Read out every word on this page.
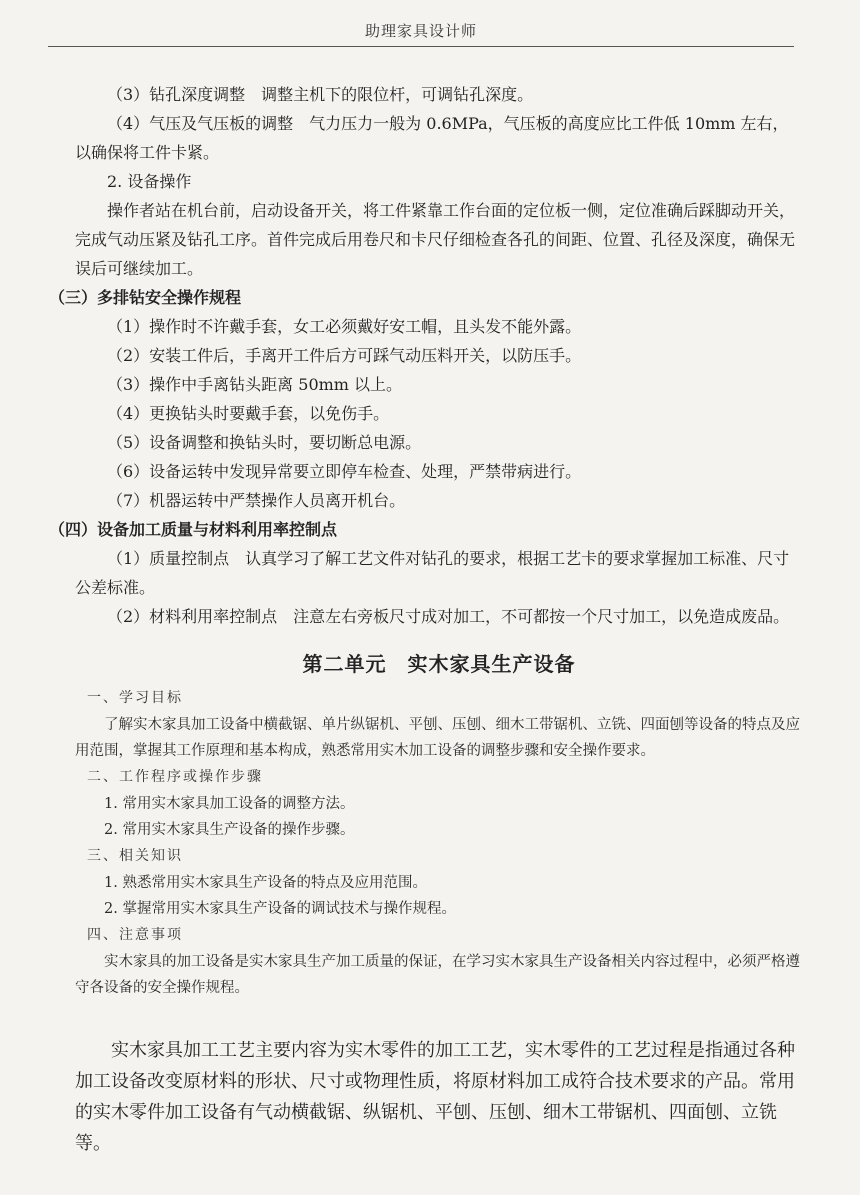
助理家具设计师

（3）钻孔深度调整　调整主机下的限位杆，可调钻孔深度。

（4）气压及气压板的调整　气力压力一般为 0.6MPa，气压板的高度应比工件低 10mm 左右，以确保将工件卡紧。

2. 设备操作

操作者站在机台前，启动设备开关，将工件紧靠工作台面的定位板一侧，定位准确后踩脚动开关，完成气动压紧及钻孔工序。首件完成后用卷尺和卡尺仔细检查各孔的间距、位置、孔径及深度，确保无误后可继续加工。

（三）多排钻安全操作规程

（1）操作时不许戴手套，女工必须戴好安工帽，且头发不能外露。

（2）安装工件后，手离开工件后方可踩气动压料开关，以防压手。

（3）操作中手离钻头距离 50mm 以上。

（4）更换钻头时要戴手套，以免伤手。

（5）设备调整和换钻头时，要切断总电源。

（6）设备运转中发现异常要立即停车检查、处理，严禁带病进行。

（7）机器运转中严禁操作人员离开机台。

（四）设备加工质量与材料利用率控制点

（1）质量控制点　认真学习了解工艺文件对钻孔的要求，根据工艺卡的要求掌握加工标准、尺寸公差标准。

（2）材料利用率控制点　注意左右旁板尺寸成对加工，不可都按一个尺寸加工，以免造成废品。

第二单元　实木家具生产设备

一、学习目标

了解实木家具加工设备中横截锯、单片纵锯机、平刨、压刨、细木工带锯机、立铣、四面刨等设备的特点及应用范围，掌握其工作原理和基本构成，熟悉常用实木加工设备的调整步骤和安全操作要求。

二、工作程序或操作步骤

1. 常用实木家具加工设备的调整方法。

2. 常用实木家具生产设备的操作步骤。

三、相关知识

1. 熟悉常用实木家具生产设备的特点及应用范围。

2. 掌握常用实木家具生产设备的调试技术与操作规程。

四、注意事项

实木家具的加工设备是实木家具生产加工质量的保证，在学习实木家具生产设备相关内容过程中，必须严格遵守各设备的安全操作规程。

实木家具加工工艺主要内容为实木零件的加工工艺，实木零件的工艺过程是指通过各种加工设备改变原材料的形状、尺寸或物理性质，将原材料加工成符合技术要求的产品。常用的实木零件加工设备有气动横截锯、纵锯机、平刨、压刨、细木工带锯机、四面刨、立铣等。
